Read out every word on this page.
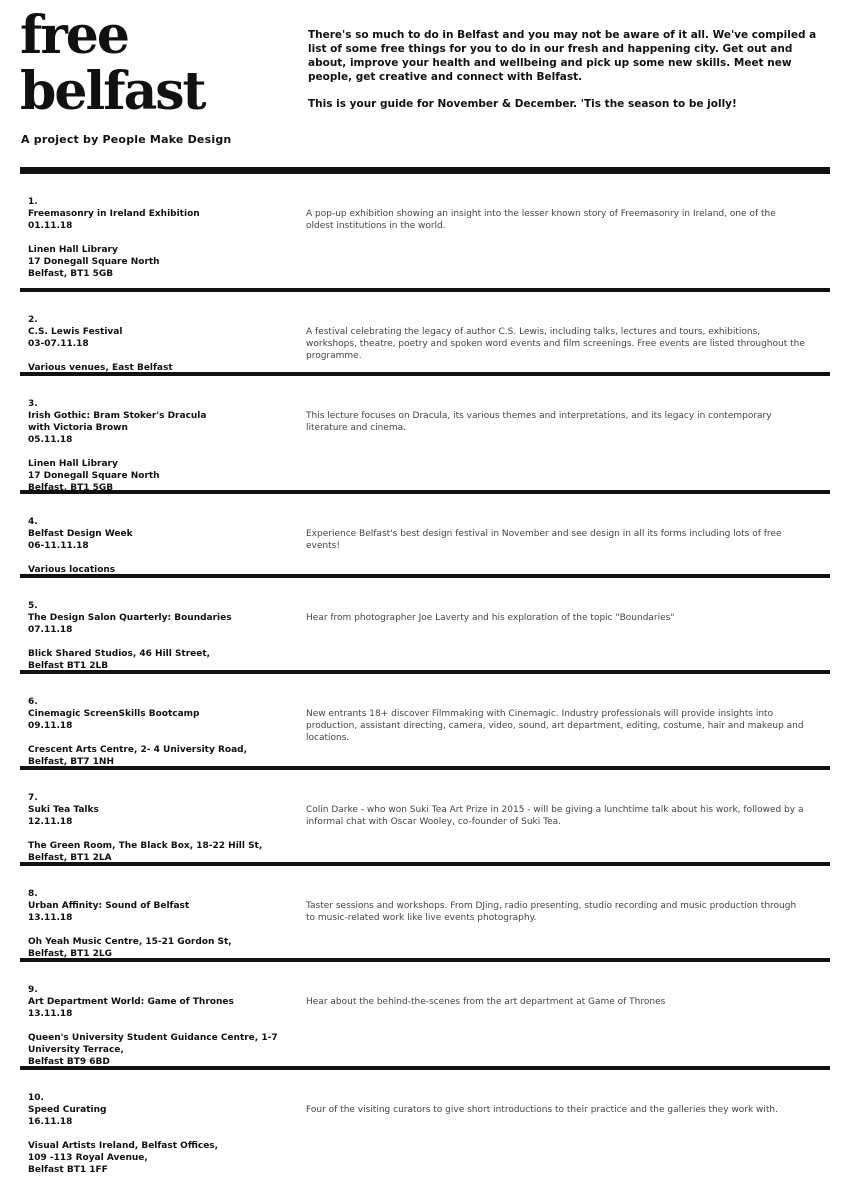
free
belfast
A project by People Make Design

There's so much to do in Belfast and you may not be aware of it all. We've compiled a list of some free things for you to do in our fresh and happening city. Get out and about, improve your health and wellbeing and pick up some new skills. Meet new people, get creative and connect with Belfast.

This is your guide for November & December. 'Tis the season to be jolly!

1.
Freemasonry in Ireland Exhibition
01.11.18
Linen Hall Library
17 Donegall Square North
Belfast, BT1 5GB
A pop-up exhibition showing an insight into the lesser known story of Freemasonry in Ireland, one of the oldest institutions in the world.
2.
C.S. Lewis Festival
03-07.11.18
Various venues, East Belfast
A festival celebrating the legacy of author C.S. Lewis, including talks, lectures and tours, exhibitions, workshops, theatre, poetry and spoken word events and film screenings. Free events are listed throughout the programme.
3.
Irish Gothic: Bram Stoker's Dracula
with Victoria Brown
05.11.18
Linen Hall Library
17 Donegall Square North
Belfast, BT1 5GB
This lecture focuses on Dracula, its various themes and interpretations, and its legacy in contemporary literature and cinema.
4.
Belfast Design Week
06-11.11.18
Various locations
Experience Belfast's best design festival in November and see design in all its forms including lots of free events!
5.
The Design Salon Quarterly: Boundaries
07.11.18
Blick Shared Studios, 46 Hill Street,
Belfast BT1 2LB
Hear from photographer Joe Laverty and his exploration of the topic "Boundaries"
6.
Cinemagic ScreenSkills Bootcamp
09.11.18
Crescent Arts Centre, 2- 4 University Road,
Belfast, BT7 1NH
New entrants 18+ discover Filmmaking with Cinemagic. Industry professionals will provide insights into production, assistant directing, camera, video, sound, art department, editing, costume, hair and makeup and locations.
7.
Suki Tea Talks
12.11.18
The Green Room, The Black Box, 18-22 Hill St,
Belfast, BT1 2LA
Colin Darke - who won Suki Tea Art Prize in 2015 - will be giving a lunchtime talk about his work, followed by a informal chat with Oscar Wooley, co-founder of Suki Tea.
8.
Urban Affinity: Sound of Belfast
13.11.18
Oh Yeah Music Centre, 15-21 Gordon St,
Belfast, BT1 2LG
Taster sessions and workshops. From DJing, radio presenting, studio recording and music production through to music-related work like live events photography.
9.
Art Department World: Game of Thrones
13.11.18
Queen's University Student Guidance Centre, 1-7
University Terrace,
Belfast BT9 6BD
Hear about the behind-the-scenes from the art department at Game of Thrones
10.
Speed Curating
16.11.18
Visual Artists Ireland, Belfast Offices,
109 -113 Royal Avenue,
Belfast BT1 1FF
Four of the visiting curators to give short introductions to their practice and the galleries they work with.
